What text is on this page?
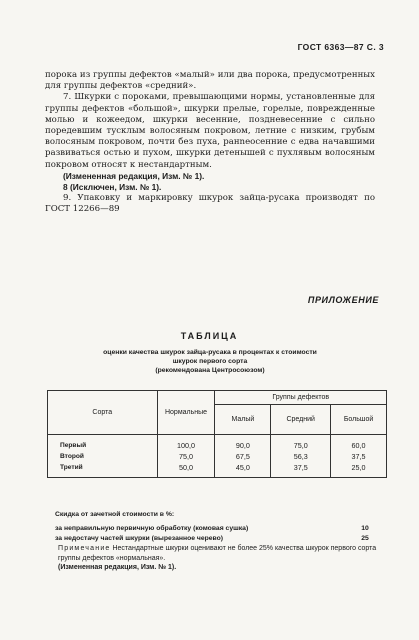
ГОСТ 6363—87 С. 3

порока из группы дефектов «малый» или два порока, предусмотренных для группы дефектов «средний».

7. Шкурки с пороками, превышающими нормы, установленные для группы дефектов «большой», шкурки прелые, горелые, поврежденные молью и кожеедом, шкурки весенние, поздневесенние с сильно поредевшим тусклым волосяным покровом, летние с низким, грубым волосяным покровом, почти без пуха, ранneосенние с едва начавшими развиваться остью и пухом, шкурки детенышей с пухлявым волосяным покровом относят к нестандартным.

(Измененная редакция, Изм. № 1).

8 (Исключен, Изм. № 1).

9. Упаковку и маркировку шкурок зайца-русака производят по ГОСТ 12266—89

ПРИЛОЖЕНИЕ
ТАБЛИЦА
оценки качества шкурок зайца-русака в процентах к стоимости
шкурок первого сорта
(рекомендована Центросоюзом)
Сорта	Нормальные	Группы дефектов		
		Малый	Средний	Большой
Первый	100,0	90,0	75,0	60,0
Второй	75,0	67,5	56,3	37,5
Третий	50,0	45,0	37,5	25,0
Скидка от зачетной стоимости в %:
за неправильную первичную обработку (комовая сушка)	10
за недостачу частей шкурки (вырезанное черево)	25
Примечание Нестандартные шкурки оценивают не более 25% качества шкурок первого сорта группы дефектов «нормальная».
(Измененная редакция, Изм. № 1).
